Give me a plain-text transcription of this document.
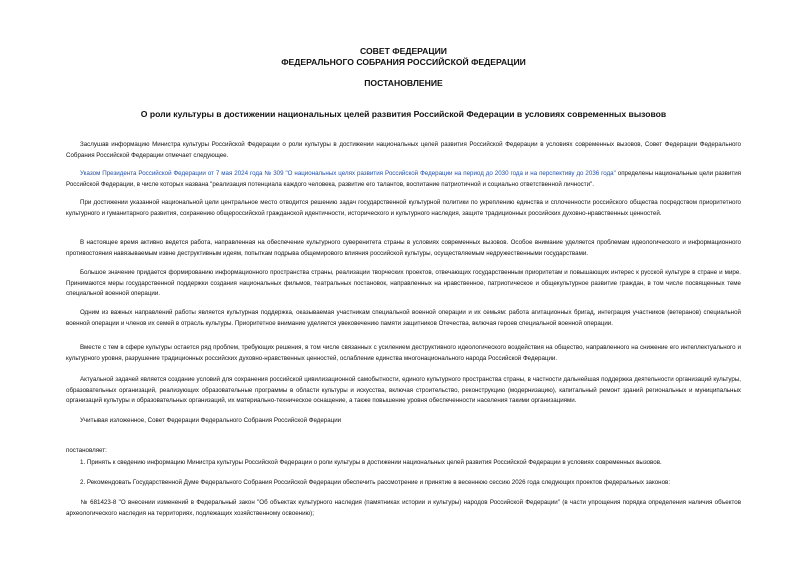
СОВЕТ ФЕДЕРАЦИИ

ФЕДЕРАЛЬНОГО СОБРАНИЯ РОССИЙСКОЙ ФЕДЕРАЦИИ

ПОСТАНОВЛЕНИЕ

О роли культуры в достижении национальных целей развития Российской Федерации в условиях современных вызовов

Заслушав информацию Министра культуры Российской Федерации о роли культуры в достижении национальных целей развития Российской Федерации в условиях современных вызовов, Совет Федерации Федерального Собрания Российской Федерации отмечает следующее.

Указом Президента Российской Федерации от 7 мая 2024 года № 309 "О национальных целях развития Российской Федерации на период до 2030 года и на перспективу до 2036 года" определены национальные цели развития Российской Федерации, в числе которых названа "реализация потенциала каждого человека, развитие его талантов, воспитание патриотичной и социально ответственной личности".

При достижении указанной национальной цели центральное место отводится решению задач государственной культурной политики по укреплению единства и сплоченности российского общества посредством приоритетного культурного и гуманитарного развития, сохранению общероссийской гражданской идентичности, исторического и культурного наследия, защите традиционных российских духовно-нравственных ценностей.

В настоящее время активно ведется работа, направленная на обеспечение культурного суверенитета страны в условиях современных вызовов. Особое внимание уделяется проблемам идеологического и информационного противостояния навязываемым извне деструктивным идеям, попыткам подрыва общемирового влияния российской культуры, осуществляемым недружественными государствами.

Большое значение придается формированию информационного пространства страны, реализации творческих проектов, отвечающих государственным приоритетам и повышающих интерес к русской культуре в стране и мире. Принимаются меры государственной поддержки создания национальных фильмов, театральных постановок, направленных на нравственное, патриотическое и общекультурное развитие граждан, в том числе посвященных теме специальной военной операции.

Одним из важных направлений работы является культурная поддержка, оказываемая участникам специальной военной операции и их семьям: работа агитационных бригад, интеграция участников (ветеранов) специальной военной операции и членов их семей в отрасль культуры. Приоритетное внимание уделяется увековечению памяти защитников Отечества, включая героев специальной военной операции.

Вместе с тем в сфере культуры остается ряд проблем, требующих решения, в том числе связанных с усилением деструктивного идеологического воздействия на общество, направленного на снижение его интеллектуального и культурного уровня, разрушение традиционных российских духовно-нравственных ценностей, ослабление единства многонационального народа Российской Федерации.

Актуальной задачей является создание условий для сохранения российской цивилизационной самобытности, единого культурного пространства страны, в частности дальнейшая поддержка деятельности организаций культуры, образовательных организаций, реализующих образовательные программы в области культуры и искусства, включая строительство, реконструкцию (модернизацию), капитальный ремонт зданий региональных и муниципальных организаций культуры и образовательных организаций, их материально-техническое оснащение, а также повышение уровня обеспеченности населения такими организациями.

Учитывая изложенное, Совет Федерации Федерального Собрания Российской Федерации

постановляет:

1. Принять к сведению информацию Министра культуры Российской Федерации о роли культуры в достижении национальных целей развития Российской Федерации в условиях современных вызовов.

2. Рекомендовать Государственной Думе Федерального Собрания Российской Федерации обеспечить рассмотрение и принятие в весеннюю сессию 2026 года следующих проектов федеральных законов:

№ 681423-8 "О внесении изменений в Федеральный закон "Об объектах культурного наследия (памятниках истории и культуры) народов Российской Федерации" (в части упрощения порядка определения наличия объектов археологического наследия на территориях, подлежащих хозяйственному освоению);
